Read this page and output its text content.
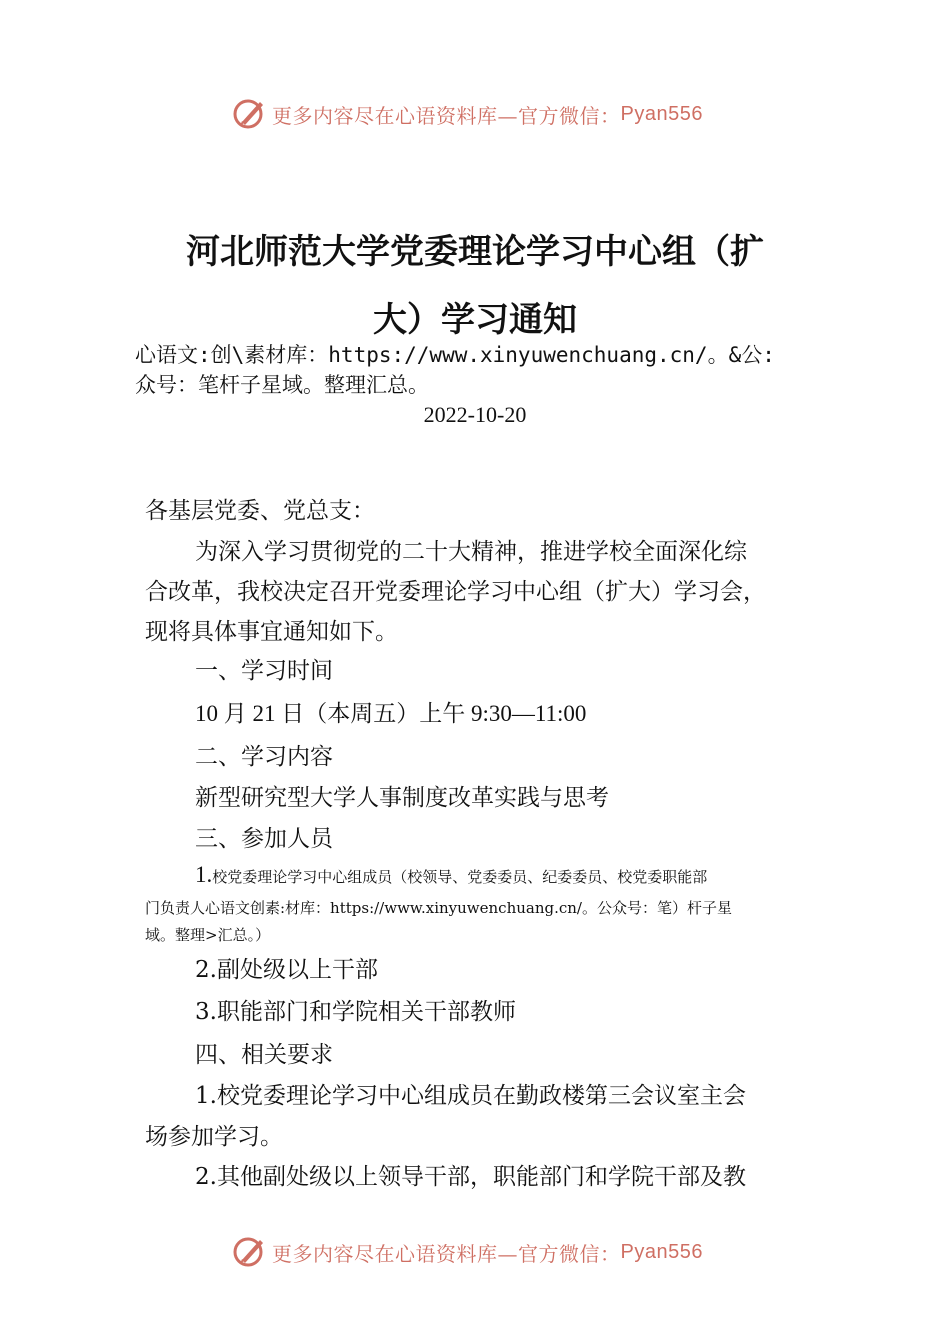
更多内容尽在心语资料库—官方微信： Pyan556
河北师范大学党委理论学习中心组（扩
大）学习通知
心语文:创\素材库：https://www.xinyuwenchuang.cn/。&公:
众号：笔杆子星域。整理汇总。
2022-10-20
各基层党委、党总支：
为深入学习贯彻党的二十大精神，推进学校全面深化综
合改革，我校决定召开党委理论学习中心组（扩大）学习会，
现将具体事宜通知如下。
一、学习时间
10 月 21 日（本周五）上午 9:30—11:00
二、学习内容
新型研究型大学人事制度改革实践与思考
三、参加人员
1.校党委理论学习中心组成员（校领导、党委委员、纪委委员、校党委职能部
门负责人心语文创素:材库：https://www.xinyuwenchuang.cn/。公众号：笔）杆子星
域。整理>汇总。）
2.副处级以上干部
3.职能部门和学院相关干部教师
四、相关要求
1.校党委理论学习中心组成员在勤政楼第三会议室主会
场参加学习。
2.其他副处级以上领导干部，职能部门和学院干部及教
更多内容尽在心语资料库—官方微信： Pyan556
